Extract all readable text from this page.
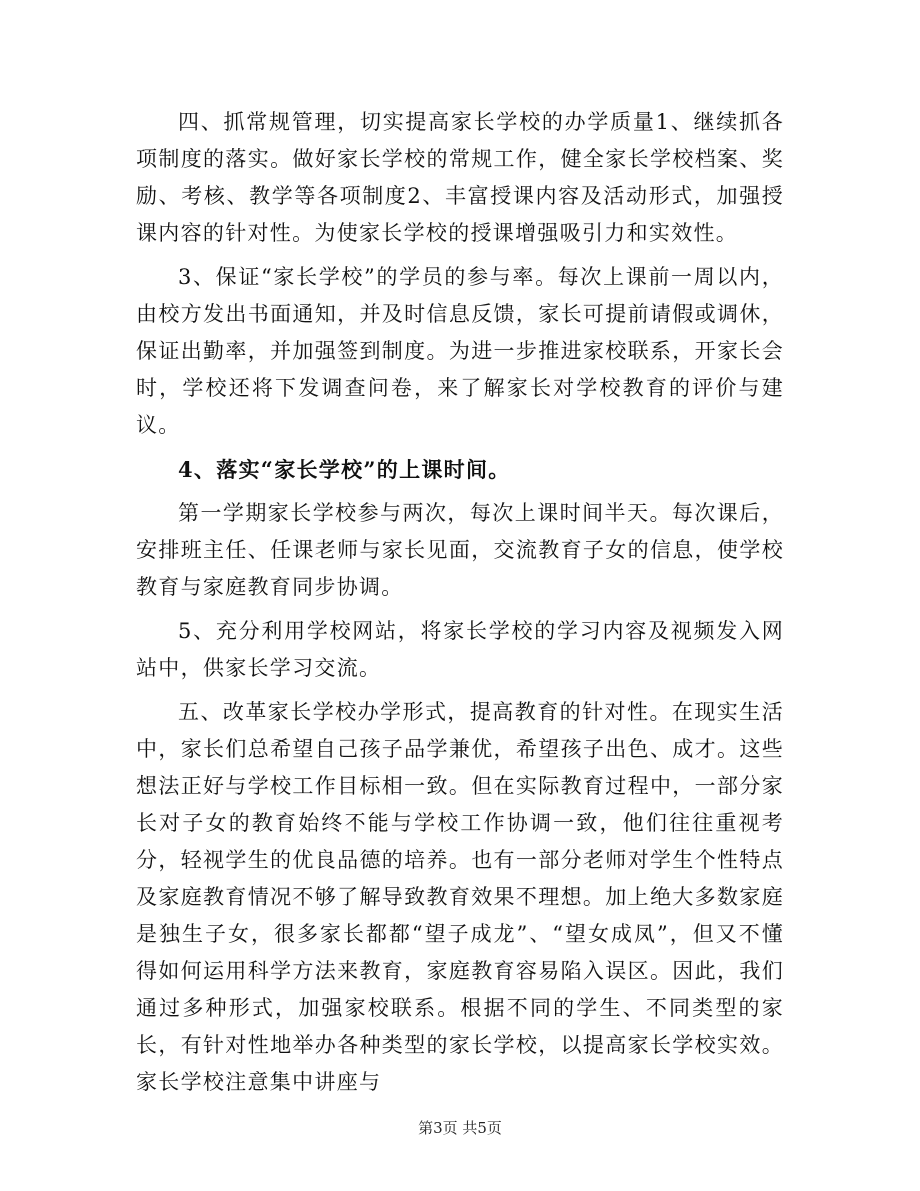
四、抓常规管理，切实提高家长学校的办学质量1、继续抓各项制度的落实。做好家长学校的常规工作，健全家长学校档案、奖励、考核、教学等各项制度2、丰富授课内容及活动形式，加强授课内容的针对性。为使家长学校的授课增强吸引力和实效性。

3、保证“家长学校”的学员的参与率。每次上课前一周以内，由校方发出书面通知，并及时信息反馈，家长可提前请假或调休，保证出勤率，并加强签到制度。为进一步推进家校联系，开家长会时，学校还将下发调查问卷，来了解家长对学校教育的评价与建议。

4、落实“家长学校”的上课时间。

第一学期家长学校参与两次，每次上课时间半天。每次课后，安排班主任、任课老师与家长见面，交流教育子女的信息，使学校教育与家庭教育同步协调。

5、充分利用学校网站，将家长学校的学习内容及视频发入网站中，供家长学习交流。

五、改革家长学校办学形式，提高教育的针对性。在现实生活中，家长们总希望自己孩子品学兼优，希望孩子出色、成才。这些想法正好与学校工作目标相一致。但在实际教育过程中，一部分家长对子女的教育始终不能与学校工作协调一致，他们往往重视考分，轻视学生的优良品德的培养。也有一部分老师对学生个性特点及家庭教育情况不够了解导致教育效果不理想。加上绝大多数家庭是独生子女，很多家长都都“望子成龙”、“望女成凤”，但又不懂得如何运用科学方法来教育，家庭教育容易陷入误区。因此，我们通过多种形式，加强家校联系。根据不同的学生、不同类型的家长，有针对性地举办各种类型的家长学校，以提高家长学校实效。家长学校注意集中讲座与

第3页 共5页
